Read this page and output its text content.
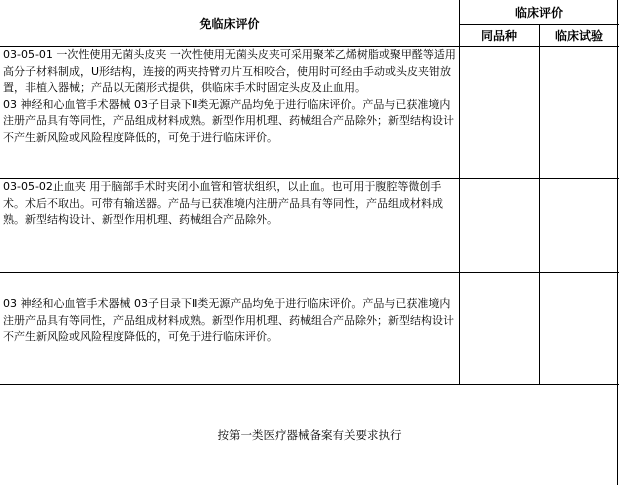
免临床评价
临床评价
同品种	临床试验
03-05-01 一次性使用无菌头皮夹 一次性使用无菌头皮夹可采用聚苯乙烯树脂或聚甲醛等适用高分子材料制成，U形结构，连接的两夹持臂刃片互相咬合，使用时可经由手动或头皮夹钳放置，非植入器械；产品以无菌形式提供，供临床手术时固定头皮及止血用。
03 神经和心血管手术器械 03子目录下Ⅱ类无源产品均免于进行临床评价。产品与已获准境内注册产品具有等同性，产品组成材料成熟。新型作用机理、药械组合产品除外；新型结构设计不产生新风险或风险程度降低的，可免于进行临床评价。
03-05-02止血夹 用于脑部手术时夹闭小血管和管状组织，以止血。也可用于腹腔等微创手术。术后不取出。可带有输送器。产品与已获准境内注册产品具有等同性，产品组成材料成熟。新型结构设计、新型作用机理、药械组合产品除外。
03 神经和心血管手术器械 03子目录下Ⅱ类无源产品均免于进行临床评价。产品与已获准境内注册产品具有等同性，产品组成材料成熟。新型作用机理、药械组合产品除外；新型结构设计不产生新风险或风险程度降低的，可免于进行临床评价。
按第一类医疗器械备案有关要求执行
